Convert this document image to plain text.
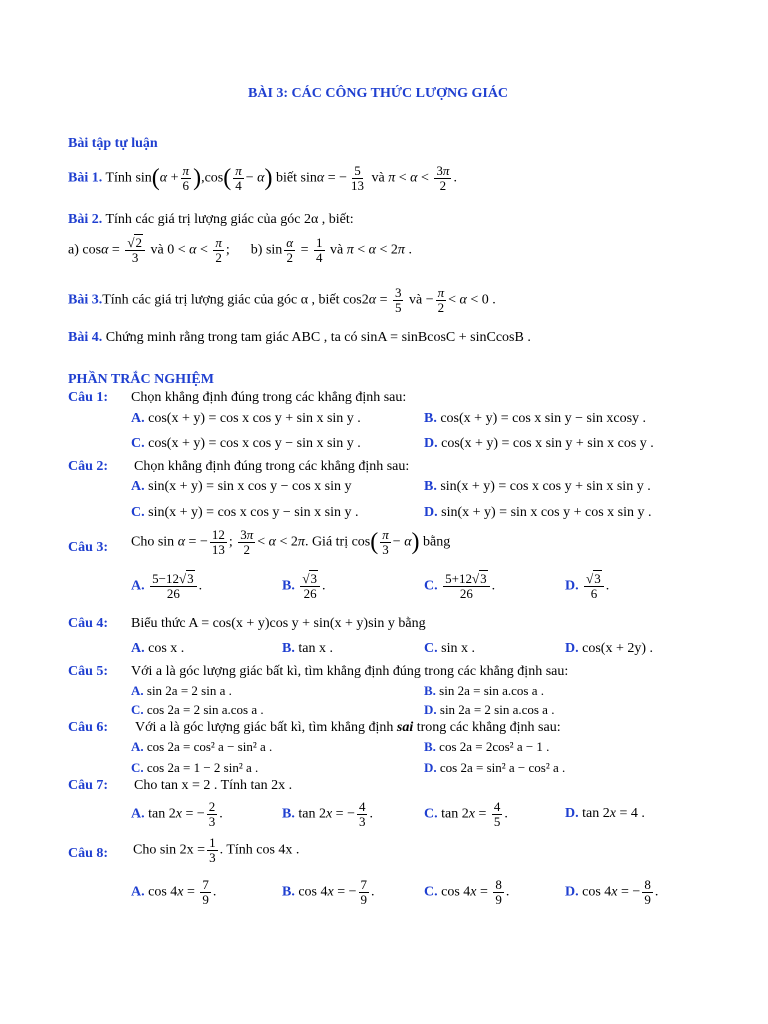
BÀI 3: CÁC CÔNG THỨC LƯỢNG GIÁC
Bài tập tự luận
Bài 1. Tính $\sin(\alpha + \frac{\pi}{6} ),\cos( \frac{\pi}{4} - \alpha)$ biết sinα = − $\frac{5}{13}$ và $\pi < \alpha < \frac{3\pi}{2}$ .
Bài 2. Tính các giá trị lượng giác của góc 2α , biết:
a) $\cos\alpha = \frac{√2}{3}$ và $0 < \alpha < \frac{\pi}{2}$ ;      b) $\sin \frac{\alpha}{2} = \frac{1}{4}$ và π < α < 2π .
Bài 3.Tính các giá trị lượng giác của góc α , biết $\cos 2\alpha = \frac{3}{5}$ và − $\frac{\pi}{2} < \alpha < 0$ .
Bài 4. Chứng minh rằng trong tam giác ABC , ta có sinA = sinBcosC + sinCcosB .
PHẦN TRẮC NGHIỆM
Câu 1: Chọn khẳng định đúng trong các khẳng định sau:
A. cos(x + y) = cos x cos y + sin x sin y .	B. cos(x + y) = cos x sin y − sin xcosy .
C. cos(x + y) = cos x cos y − sin x sin y .	D. cos(x + y) = cos x sin y + sin x cos y .
Câu 2: Chọn khẳng định đúng trong các khẳng định sau:
A. sin(x + y) = sin x cos y − cos x sin y	B. sin(x + y) = cos x cos y + sin x sin y .
C. sin(x + y) = cos x cos y − sin x sin y .	D. sin(x + y) = sin x cos y + cos x sin y .
Câu 3: Cho sin α = − $\frac{12}{13}$ ; $\frac{3\pi}{2} < \alpha < 2\pi$. Giá trị $\cos( \frac{\pi}{3} - \alpha)$ bằng
A. $\frac{5-12√3}{26}$ .	B. $\frac{√3}{26}$ .	C. $\frac{5+12√3}{26}$ .	D. $\frac{√3}{6}$ .
Câu 4: Biểu thức A = cos(x + y)cos y + sin(x + y)sin y bằng
A. cos x .	B. tan x .	C. sin x .	D. cos(x + 2y) .
Câu 5: Với a là góc lượng giác bất kì, tìm khẳng định đúng trong các khẳng định sau:
A. sin 2a = 2 sin a .	B. sin 2a = sin a.cos a .
C. cos 2a = 2 sin a.cos a .	D. sin 2a = 2 sin a.cos a .
Câu 6: Với a là góc lượng giác bất kì, tìm khẳng định sai trong các khẳng định sau:
A. cos 2a = cos² a − sin² a .	B. cos 2a = 2cos² a − 1 .
C. cos 2a = 1 − 2 sin² a .	D. cos 2a = sin² a − cos² a .
Câu 7: Cho tan x = 2 . Tính tan 2x .
A. tan 2x = − $\frac{2}{3}$ .	B. tan 2x = − $\frac{4}{3}$ .	C. $\tan 2x = \frac{4}{5}$ .	D. tan 2x = 4 .
Câu 8: Cho $\sin 2x = \frac{1}{3}$ . Tính cos 4x .
A. $\cos 4x = \frac{7}{9}$ .	B. cos 4x = − $\frac{7}{9}$ .	C. $\cos 4x = \frac{8}{9}$ .	D. cos 4x = − $\frac{8}{9}$ .
